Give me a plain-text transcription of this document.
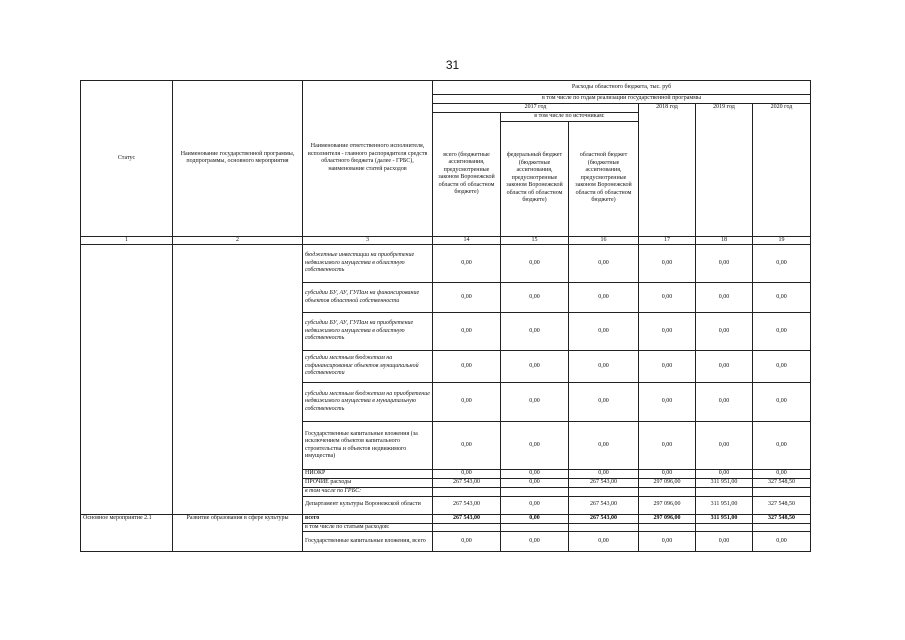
31
Статус	Наименование государственной программы, подпрограммы, основного мероприятия	Наименование ответственного исполнителя, исполнителя - главного распорядителя средств областного бюджета (далее - ГРБС), наименование статей расходов	Расходы областного бюджета, тыс. руб					
			в том числе по годам реализации государственной программы					
			2017 год			2018 год	2019 год	2020 год
			всего (бюджетные ассигнования, предусмотренные законом Воронежской области об областном бюджете)	в том числе по источникам:				
				федеральный бюджет (бюджетные ассигнования, предусмотренные законом Воронежской области об областном бюджете)	областной бюджет (бюджетные ассигнования, предусмотренные законом Воронежской области об областном бюджете)			
1	2	3	14	15	16	17	18	19
		бюджетные инвестиции на приобретение недвижимого имущества в областную собственность	0,00	0,00	0,00	0,00	0,00	0,00
		субсидии БУ, АУ, ГУПам на финансирование объектов областной собственности	0,00	0,00	0,00	0,00	0,00	0,00
		субсидии БУ, АУ, ГУПам на приобретение недвижимого имущества в областную собственность	0,00	0,00	0,00	0,00	0,00	0,00
		субсидии местным бюджетам на софинансирование объектов муниципальной собственности	0,00	0,00	0,00	0,00	0,00	0,00
		субсидии местным бюджетам на приобретение недвижимого имущества в муниципальную собственность	0,00	0,00	0,00	0,00	0,00	0,00
		Государственные капитальные вложения (за исключением объектов капитального строительства и объектов недвижимого имущества)	0,00	0,00	0,00	0,00	0,00	0,00
		НИОКР	0,00	0,00	0,00	0,00	0,00	0,00
		ПРОЧИЕ расходы	267 543,00	0,00	267 543,00	297 096,00	311 951,00	327 548,50
		в том числе по ГРБС:						
		Департамент культуры Воронежской области	267 543,00	0,00	267 543,00	297 096,00	311 951,00	327 548,50
Основное мероприятие 2.1	Развитие образования в сфере культуры	всего	267 543,00	0,00	267 543,00	297 096,00	311 951,00	327 548,50
		в том числе по статьям расходов:						
		Государственные капитальные вложения, всего	0,00	0,00	0,00	0,00	0,00	0,00
